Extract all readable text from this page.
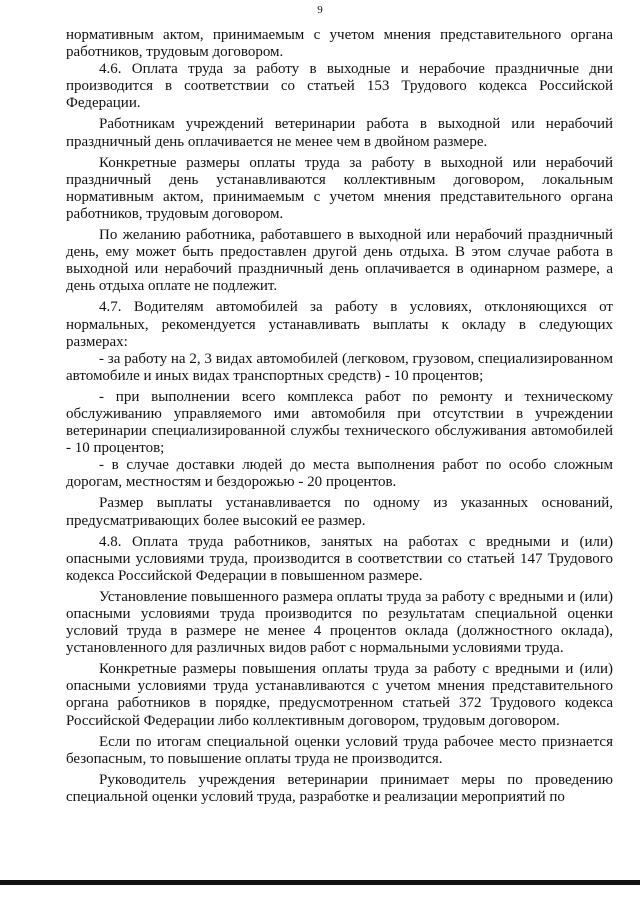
9

нормативным актом, принимаемым с учетом мнения представительного органа работников, трудовым договором.

4.6. Оплата труда за работу в выходные и нерабочие праздничные дни производится в соответствии со статьей 153 Трудового кодекса Российской Федерации.

Работникам учреждений ветеринарии работа в выходной или нерабочий праздничный день оплачивается не менее чем в двойном размере.

Конкретные размеры оплаты труда за работу в выходной или нерабочий праздничный день устанавливаются коллективным договором, локальным нормативным актом, принимаемым с учетом мнения представительного органа работников, трудовым договором.

По желанию работника, работавшего в выходной или нерабочий праздничный день, ему может быть предоставлен другой день отдыха. В этом случае работа в выходной или нерабочий праздничный день оплачивается в одинарном размере, а день отдыха оплате не подлежит.

4.7. Водителям автомобилей за работу в условиях, отклоняющихся от нормальных, рекомендуется устанавливать выплаты к окладу в следующих размерах:

- за работу на 2, 3 видах автомобилей (легковом, грузовом, специализированном автомобиле и иных видах транспортных средств) - 10 процентов;

- при выполнении всего комплекса работ по ремонту и техническому обслуживанию управляемого ими автомобиля при отсутствии в учреждении ветеринарии специализированной службы технического обслуживания автомобилей - 10 процентов;

- в случае доставки людей до места выполнения работ по особо сложным дорогам, местностям и бездорожью - 20 процентов.

Размер выплаты устанавливается по одному из указанных оснований, предусматривающих более высокий ее размер.

4.8. Оплата труда работников, занятых на работах с вредными и (или) опасными условиями труда, производится в соответствии со статьей 147 Трудового кодекса Российской Федерации в повышенном размере.

Установление повышенного размера оплаты труда за работу с вредными и (или) опасными условиями труда производится по результатам специальной оценки условий труда в размере не менее 4 процентов оклада (должностного оклада), установленного для различных видов работ с нормальными условиями труда.

Конкретные размеры повышения оплаты труда за работу с вредными и (или) опасными условиями труда устанавливаются с учетом мнения представительного органа работников в порядке, предусмотренном статьей 372 Трудового кодекса Российской Федерации либо коллективным договором, трудовым договором.

Если по итогам специальной оценки условий труда рабочее место признается безопасным, то повышение оплаты труда не производится.

Руководитель учреждения ветеринарии принимает меры по проведению специальной оценки условий труда, разработке и реализации мероприятий по
